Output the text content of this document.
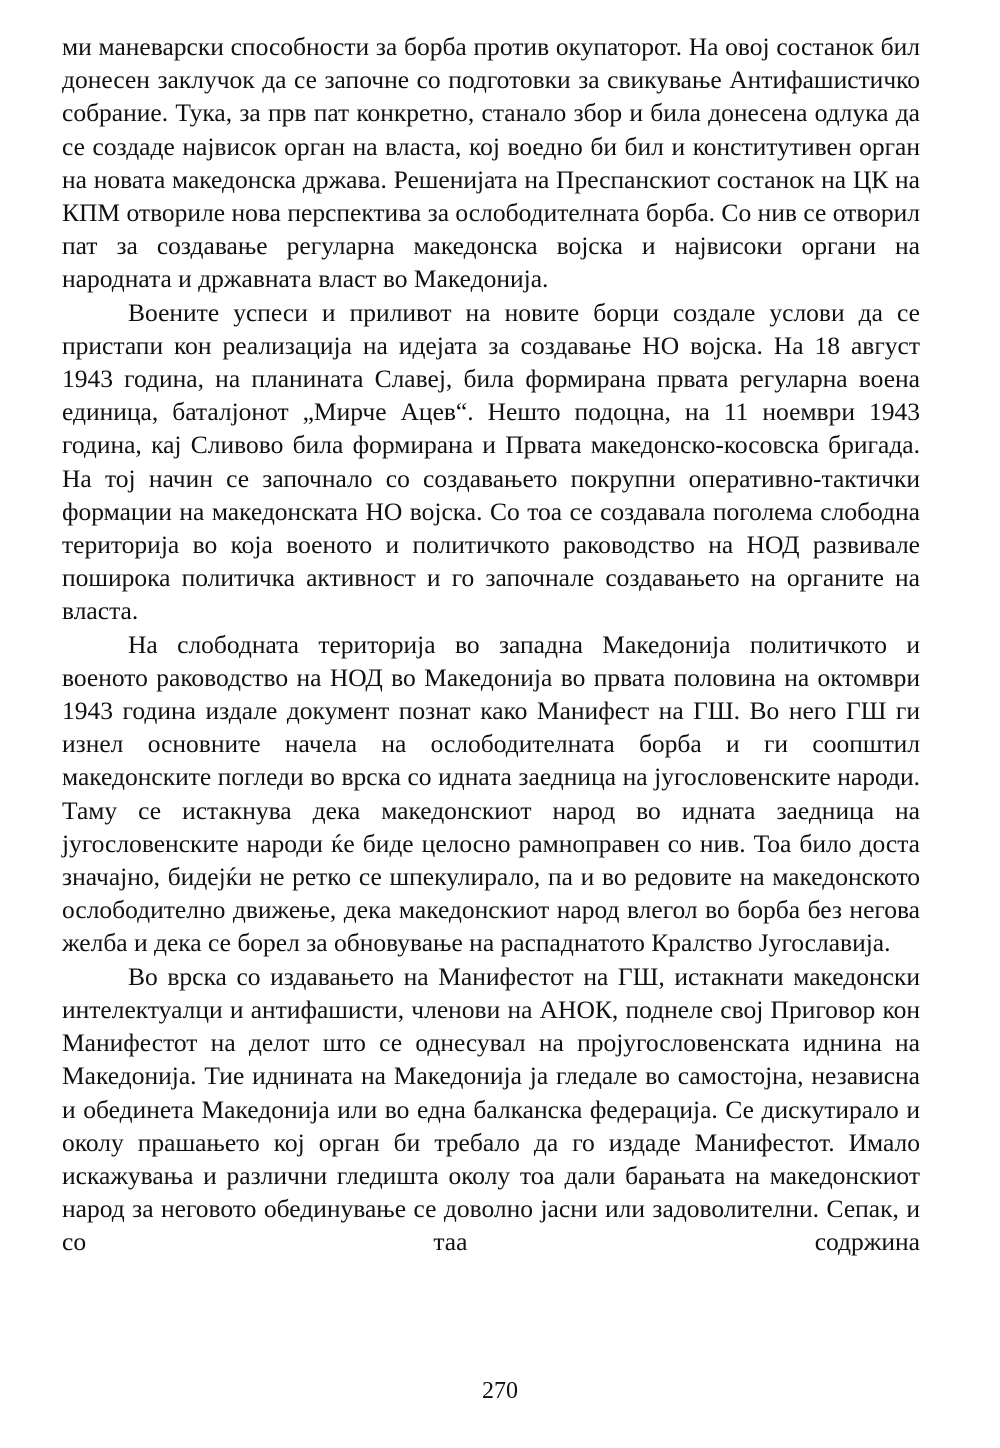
ми маневарски способности за борба против окупаторот. На овој состанок бил донесен заклучок да се започне со подготовки за свикување Антифашистичко собрание. Тука, за прв пат конкретно, станало збор и била донесена одлука да се создаде највисок орган на власта, кој воедно би бил и конститутивен орган на новата македонска држава. Решенијата на Преспанскиот состанок на ЦК на КПМ отвориле нова перспектива за ослободителната борба. Со нив се отворил пат за создавање регуларна македонска војска и највисоки органи на народната и државната власт во Македонија.

Воените успеси и приливот на новите борци создале услови да се пристапи кон реализација на идејата за создавање НО војска. На 18 август 1943 година, на планината Славеј, била формирана првата регуларна воена единица, баталјонот „Мирче Ацев“. Нешто подоцна, на 11 ноември 1943 година, кај Сливово била формирана и Првата македонско-косовска бригада. На тој начин се започнало со создавањето покрупни оперативно-тактички формации на македонската НО војска. Со тоа се создавала поголема слободна територија во која военото и политичкото раководство на НОД развивале поширока политичка активност и го започнале создавањето на органите на власта.

На слободната територија во западна Македонија политичкото и военото раководство на НОД во Македонија во првата половина на октомври 1943 година издале документ познат како Манифест на ГШ. Во него ГШ ги изнел основните начела на ослободителната борба и ги соопштил македонските погледи во врска со идната заедница на југословенските народи. Таму се истакнува дека македонскиот народ во идната заедница на југословенските народи ќе биде целосно рамноправен со нив. Тоа било доста значајно, бидејќи не ретко се шпекулирало, па и во редовите на македонското ослободително движење, дека македонскиот народ влегол во борба без негова желба и дека се борел за обновување на распаднатото Кралство Југославија.

Во врска со издавањето на Манифестот на ГШ, истакнати македонски интелектуалци и антифашисти, членови на АНОК, поднеле свој Приговор кон Манифестот на делот што се однесувал на пројугословенската иднина на Македонија. Тие иднината на Македонија ја гледале во самостојна, независна и обединета Македонија или во една балканска федерација. Се дискутирало и околу прашањето кој орган би требало да го издаде Манифестот. Имало искажувања и различни гледишта околу тоа дали барањата на македонскиот народ за неговото обединување се доволно јасни или задоволителни. Сепак, и со таа содржина

270
